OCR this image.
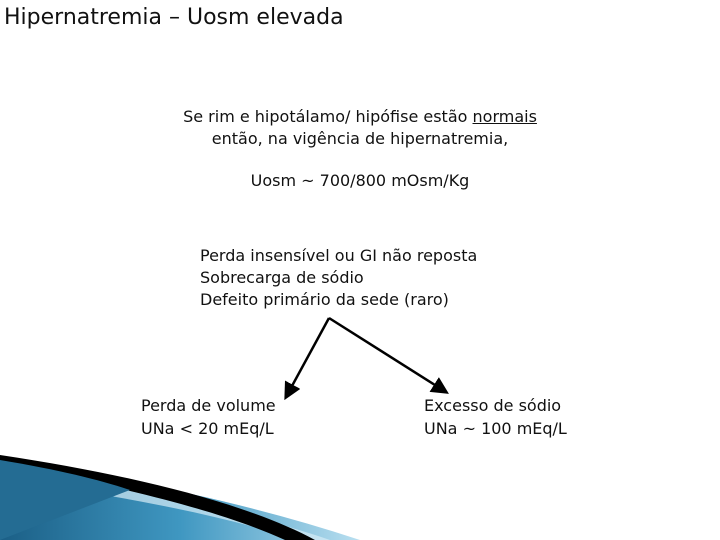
Hipernatremia – Uosm elevada
Se rim e hipotálamo/ hipófise estão normais
então, na vigência de hipernatremia,
Uosm ~ 700/800 mOsm/Kg
Perda insensível ou GI não reposta
Sobrecarga de sódio
Defeito primário da sede (raro)
Perda de volume
UNa < 20 mEq/L
Excesso de sódio
UNa ~ 100 mEq/L
